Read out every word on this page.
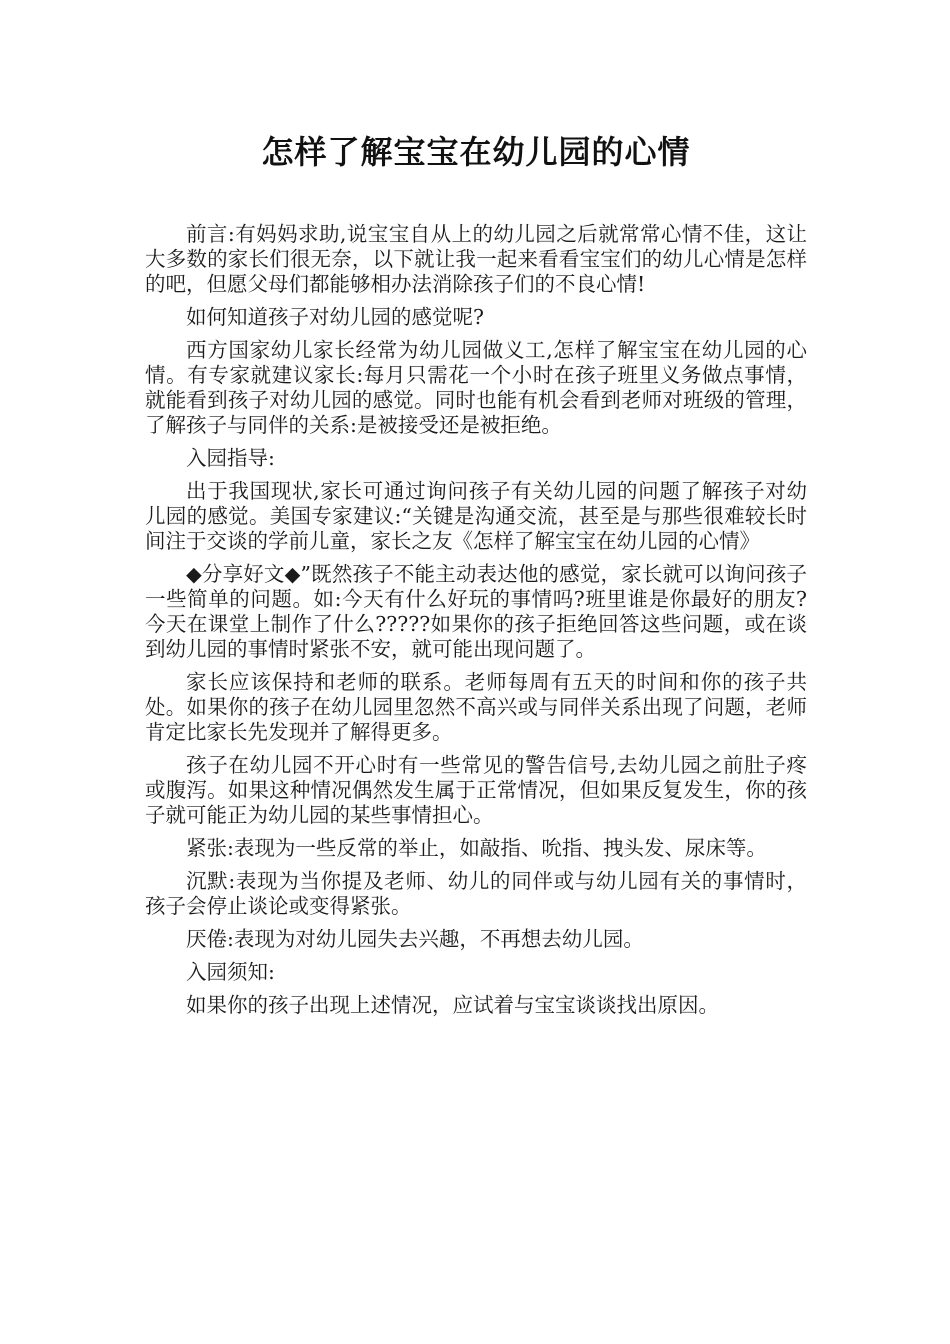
怎样了解宝宝在幼儿园的心情

前言:有妈妈求助,说宝宝自从上的幼儿园之后就常常心情不佳，这让大多数的家长们很无奈，以下就让我一起来看看宝宝们的幼儿心情是怎样的吧，但愿父母们都能够相办法消除孩子们的不良心情!

如何知道孩子对幼儿园的感觉呢?

西方国家幼儿家长经常为幼儿园做义工,怎样了解宝宝在幼儿园的心情。有专家就建议家长:每月只需花一个小时在孩子班里义务做点事情，就能看到孩子对幼儿园的感觉。同时也能有机会看到老师对班级的管理，了解孩子与同伴的关系:是被接受还是被拒绝。

入园指导:

出于我国现状,家长可通过询问孩子有关幼儿园的问题了解孩子对幼儿园的感觉。美国专家建议:“关键是沟通交流，甚至是与那些很难较长时间注于交谈的学前儿童，家长之友《怎样了解宝宝在幼儿园的心情》

◆分享好文◆”既然孩子不能主动表达他的感觉，家长就可以询问孩子一些简单的问题。如:今天有什么好玩的事情吗?班里谁是你最好的朋友?今天在课堂上制作了什么?????如果你的孩子拒绝回答这些问题，或在谈到幼儿园的事情时紧张不安，就可能出现问题了。

家长应该保持和老师的联系。老师每周有五天的时间和你的孩子共处。如果你的孩子在幼儿园里忽然不高兴或与同伴关系出现了问题，老师肯定比家长先发现并了解得更多。

孩子在幼儿园不开心时有一些常见的警告信号,去幼儿园之前肚子疼或腹泻。如果这种情况偶然发生属于正常情况，但如果反复发生，你的孩子就可能正为幼儿园的某些事情担心。

紧张:表现为一些反常的举止，如敲指、吮指、拽头发、尿床等。

沉默:表现为当你提及老师、幼儿的同伴或与幼儿园有关的事情时，孩子会停止谈论或变得紧张。

厌倦:表现为对幼儿园失去兴趣，不再想去幼儿园。

入园须知:

如果你的孩子出现上述情况，应试着与宝宝谈谈找出原因。
